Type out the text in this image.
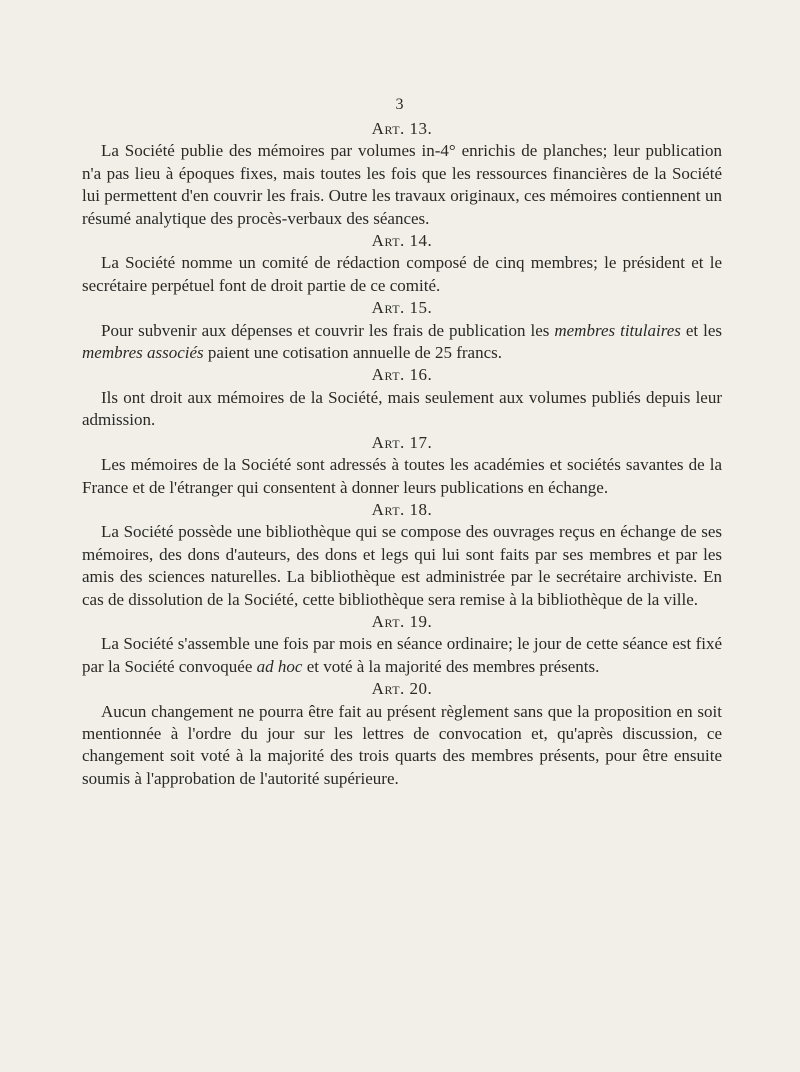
3
Art. 13.

La Société publie des mémoires par volumes in-4° enrichis de planches; leur publication n'a pas lieu à époques fixes, mais toutes les fois que les ressources financières de la Société lui permettent d'en couvrir les frais. Outre les travaux originaux, ces mémoires contiennent un résumé analytique des procès-verbaux des séances.

Art. 14.

La Société nomme un comité de rédaction composé de cinq membres; le président et le secrétaire perpétuel font de droit partie de ce comité.

Art. 15.

Pour subvenir aux dépenses et couvrir les frais de publication les membres titulaires et les membres associés paient une cotisation annuelle de 25 francs.

Art. 16.

Ils ont droit aux mémoires de la Société, mais seulement aux volumes publiés depuis leur admission.

Art. 17.

Les mémoires de la Société sont adressés à toutes les académies et sociétés savantes de la France et de l'étranger qui consentent à donner leurs publications en échange.

Art. 18.

La Société possède une bibliothèque qui se compose des ouvrages reçus en échange de ses mémoires, des dons d'auteurs, des dons et legs qui lui sont faits par ses membres et par les amis des sciences naturelles. La bibliothèque est administrée par le secrétaire archiviste. En cas de dissolution de la Société, cette bibliothèque sera remise à la bibliothèque de la ville.

Art. 19.

La Société s'assemble une fois par mois en séance ordinaire; le jour de cette séance est fixé par la Société convoquée ad hoc et voté à la majorité des membres présents.

Art. 20.

Aucun changement ne pourra être fait au présent règlement sans que la proposition en soit mentionnée à l'ordre du jour sur les lettres de convocation et, qu'après discussion, ce changement soit voté à la majorité des trois quarts des membres présents, pour être ensuite soumis à l'approbation de l'autorité supérieure.
